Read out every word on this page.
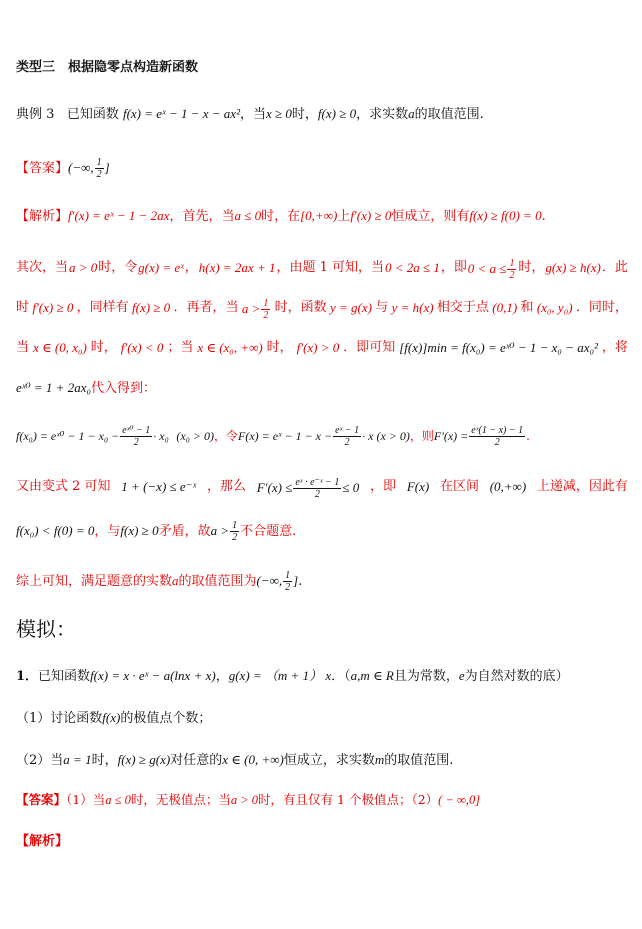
类型三　根据隐零点构造新函数
典例 3 已知函数 f(x) = eˣ − 1 − x − ax²，当x ≥ 0时，f(x) ≥ 0，求实数a的取值范围.
【答案】(−∞, $\frac{1}{2}$ ]
【解析】f′(x) = eˣ − 1 − 2ax，首先，当a ≤ 0时，在[0,+∞)上f′(x) ≥ 0恒成立，则有f(x) ≥ f(0) = 0.
其次，当 a > 0 时，令 g(x) = eˣ ， h(x) = 2ax + 1 ，由题 1 可知，当 0 < 2a ≤ 1 ，即 $0 < a \le \frac{1}{2}$ 时， g(x) ≥ h(x) ．此
时 f′(x) ≥ 0 ，同样有 f(x) ≥ 0 ．再者，当 $a > \frac{1}{2}$ 时，函数 y = g(x) 与 y = h(x) 相交于点 (0,1) 和 (x₀, y₀) ．同时，
当 x ∈ (0, x₀) 时， f′(x) < 0 ；当 x ∈ (x₀, +∞) 时， f′(x) > 0 ．即可知 [f(x)]min = f(x₀) = eˣ⁰ − 1 − x₀ − ax₀² ，将
eˣ⁰ = 1 + 2ax₀代入得到：
f(x₀) = eˣ⁰ − $1 - x_0 - \frac{\text{eˣ⁰ − 1}}{2} \cdot x_0$ (x₀ > 0)，令F(x) = eˣ − $1 - x - \frac{\text{eˣ − 1}}{2} \cdot x$ (x > 0)，则$F'(x) = \frac{\text{eˣ(1 − x) − 1}}{2}$ .
又由变式 2 可知 1 + (−x) ≤ e⁻ˣ ，那么 $F'(x) \le \frac{\text{eˣ · e⁻ˣ − 1}}{2} \le 0$ ，即 F(x) 在区间 (0,+∞) 上递减，因此有
f(x₀) < f(0) = 0，与f(x) ≥ 0矛盾，故$a > \frac{1}{2}$ 不合题意.
综上可知，满足题意的实数a的取值范围为(−∞, $\frac{1}{2}$ ].
模拟：
1．已知函数f(x) = x · eˣ − a(lnx + x)，g(x) = （m + 1） x．（a,m ∈ R且为常数，e为自然对数的底）
（1）讨论函数f(x)的极值点个数；
（2）当a = 1时，f(x) ≥ g(x)对任意的x ∈ (0, +∞)恒成立，求实数m的取值范围.
【答案】（1）当a ≤ 0时，无极值点；当a > 0时，有且仅有 1 个极值点；（2）( − ∞,0]
【解析】
